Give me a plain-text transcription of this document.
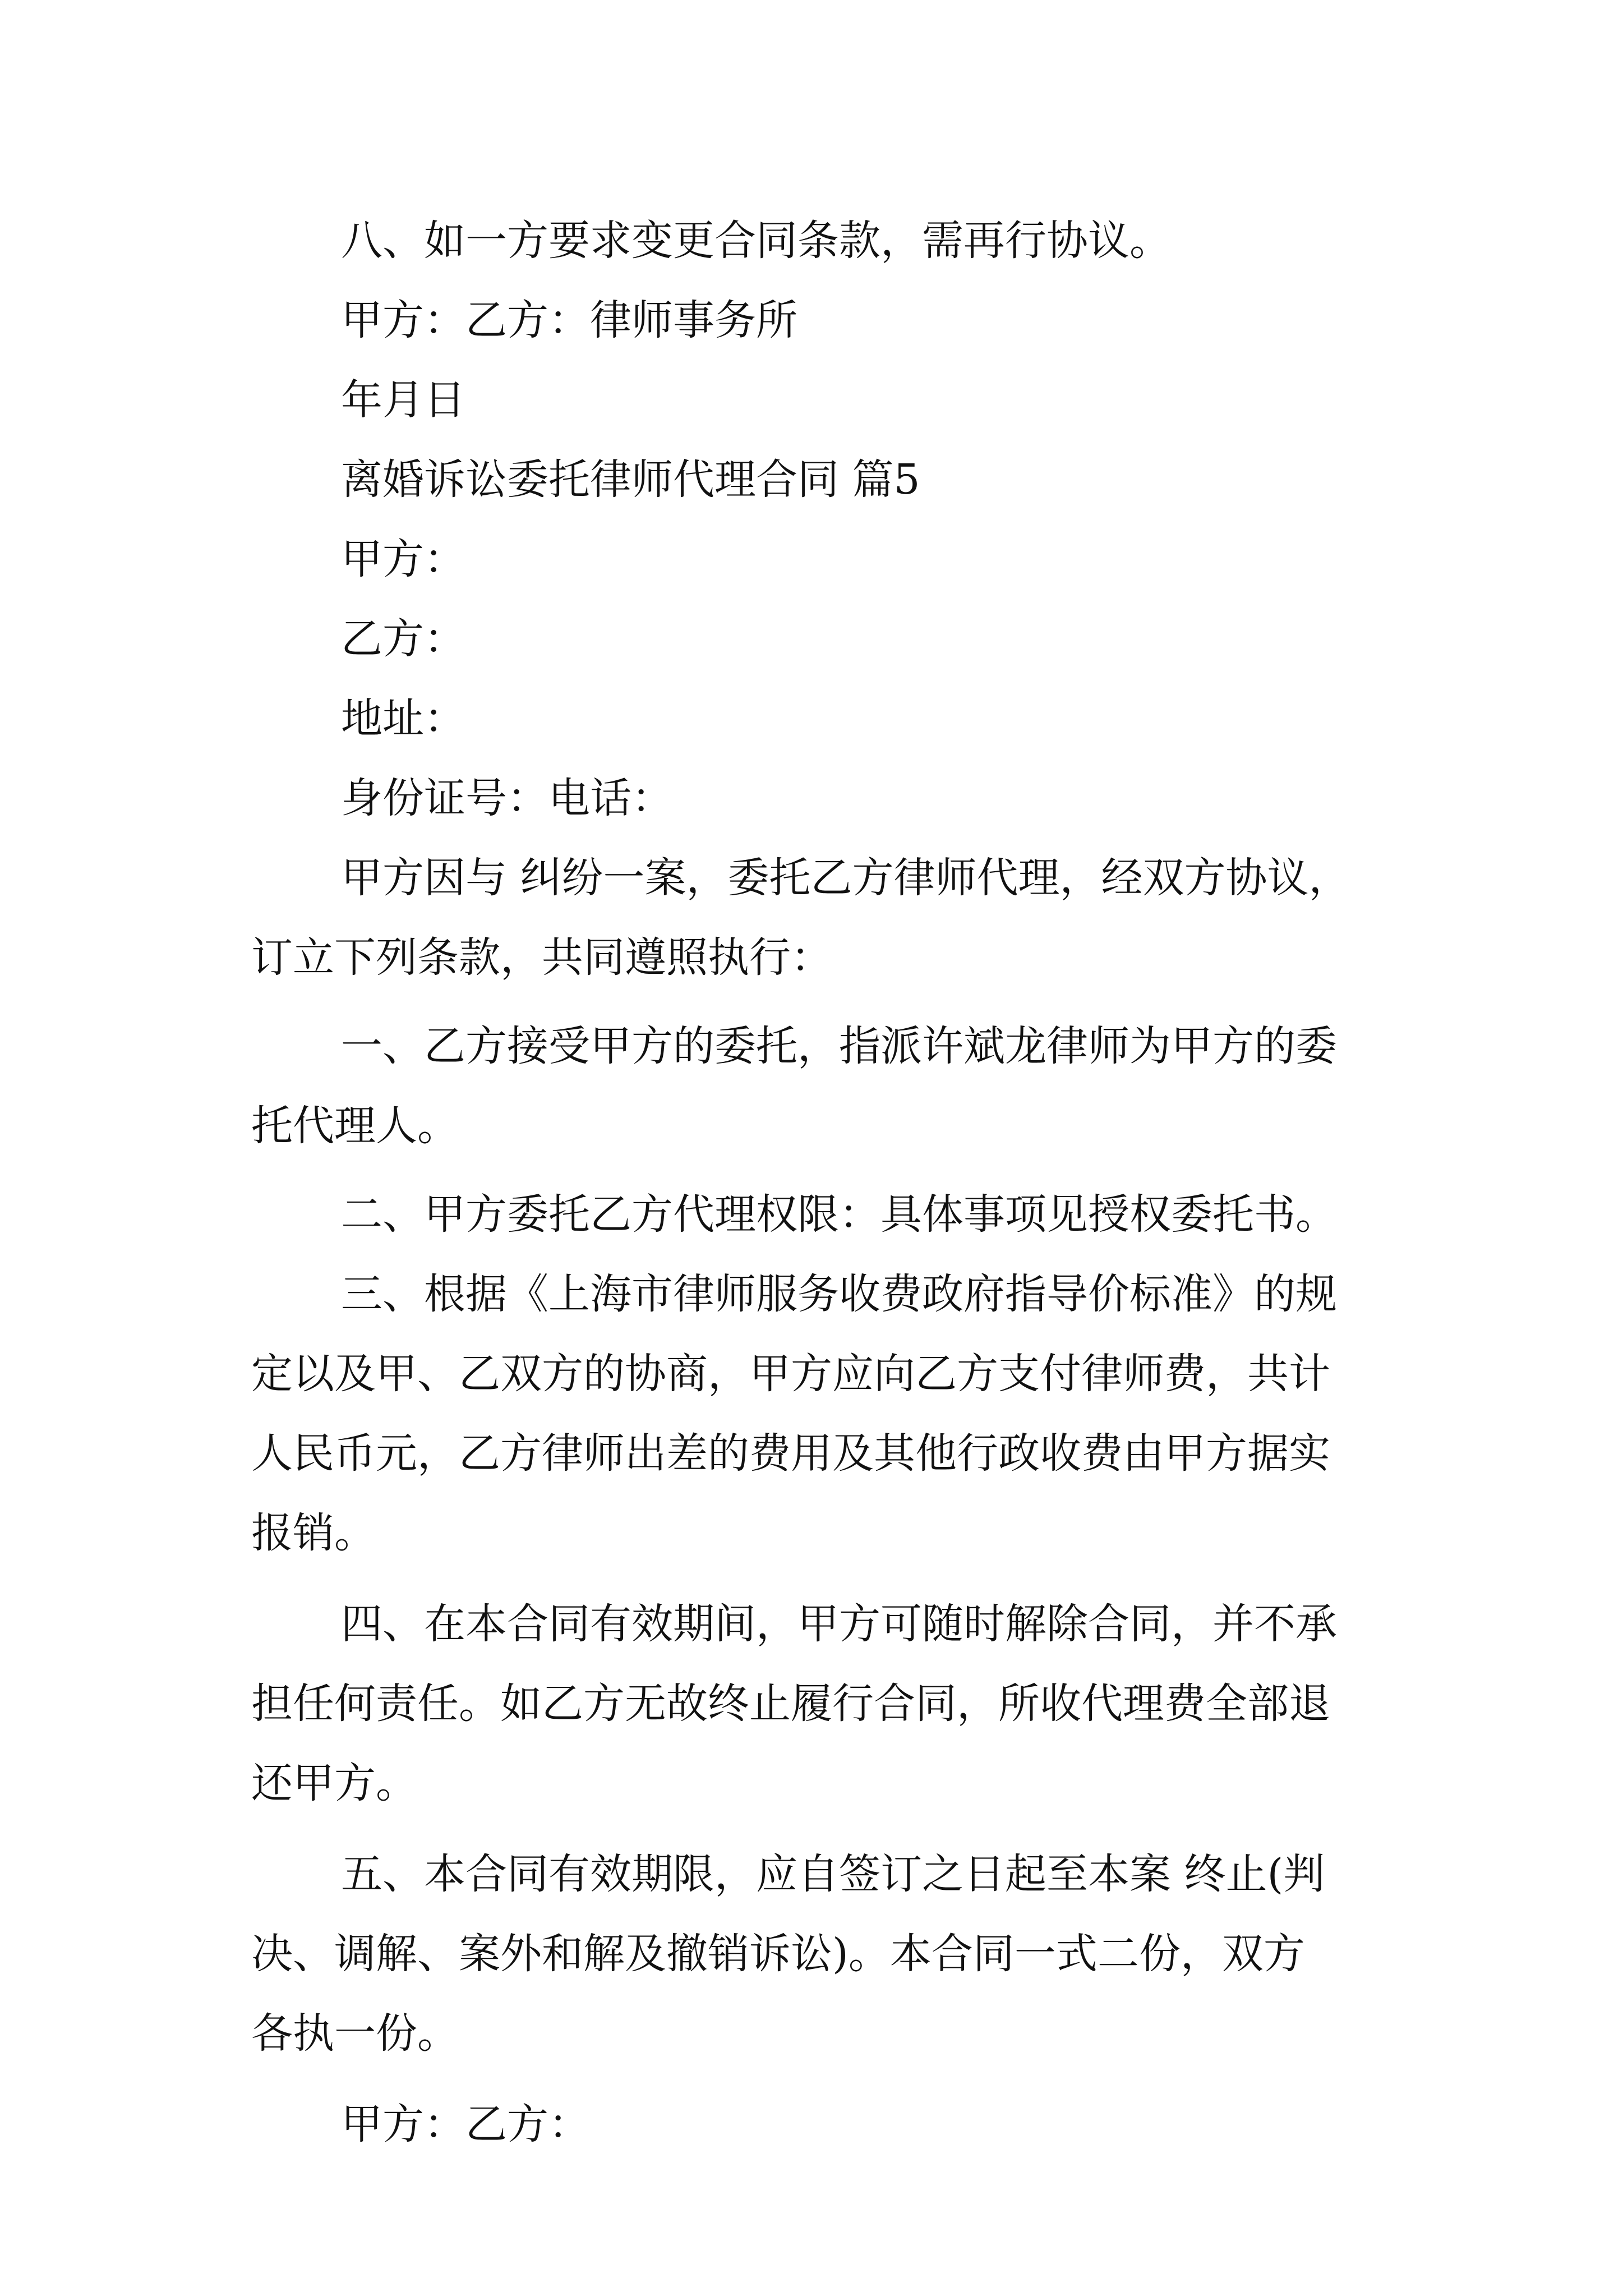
八、如一方要求变更合同条款，需再行协议。
甲方：乙方：律师事务所
年月日
离婚诉讼委托律师代理合同 篇5
甲方：
乙方：
地址：
身份证号：电话：
甲方因与 纠纷一案，委托乙方律师代理，经双方协议，
订立下列条款，共同遵照执行：
一、乙方接受甲方的委托，指派许斌龙律师为甲方的委
托代理人。
二、甲方委托乙方代理权限：具体事项见授权委托书。
三、根据《上海市律师服务收费政府指导价标准》的规
定以及甲、乙双方的协商，甲方应向乙方支付律师费，共计
人民币元，乙方律师出差的费用及其他行政收费由甲方据实
报销。
四、在本合同有效期间，甲方可随时解除合同，并不承
担任何责任。如乙方无故终止履行合同，所收代理费全部退
还甲方。
五、本合同有效期限，应自签订之日起至本案 终止(判
决、调解、案外和解及撤销诉讼)。本合同一式二份，双方
各执一份。
甲方：乙方：
